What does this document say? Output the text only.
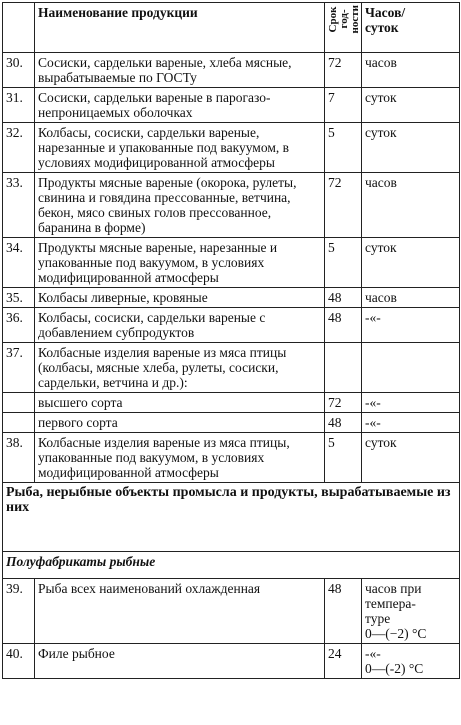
	Наименование продукции	Срок
год-
ности	Часов/
суток
30.	Сосиски, сардельки вареные, хлеба мясные, вырабатываемые по ГОСТу	72	часов
31.	Сосиски, сардельки вареные в парогазо-непроницаемых оболочках	7	суток
32.	Колбасы, сосиски, сардельки вареные, нарезанные и упакованные под вакуумом, в условиях модифицированной атмосферы	5	суток
33.	Продукты мясные вареные (окорока, рулеты, свинина и говядина прессованные, ветчина, бекон, мясо свиных голов прессованное, баранина в форме)	72	часов
34.	Продукты мясные вареные, нарезанные и упакованные под вакуумом, в условиях модифицированной атмосферы	5	суток
35.	Колбасы ливерные, кровяные	48	часов
36.	Колбасы, сосиски, сардельки вареные с добавлением субпродуктов	48	-«-
37.	Колбасные изделия вареные из мяса птицы (колбасы, мясные хлеба, рулеты, сосиски, сардельки, ветчина и др.):		
	высшего сорта	72	-«-
	первого сорта	48	-«-
38.	Колбасные изделия вареные из мяса птицы, упакованные под вакуумом, в условиях модифицированной атмосферы	5	суток
Рыба, нерыбные объекты промысла и продукты, вырабатываемые из них			
Полуфабрикаты рыбные			
39.	Рыба всех наименований охлажденная	48	часов при
темпера-
туре
0—(−2) °С
40.	Филе рыбное	24	-«-
0—(-2) °С
